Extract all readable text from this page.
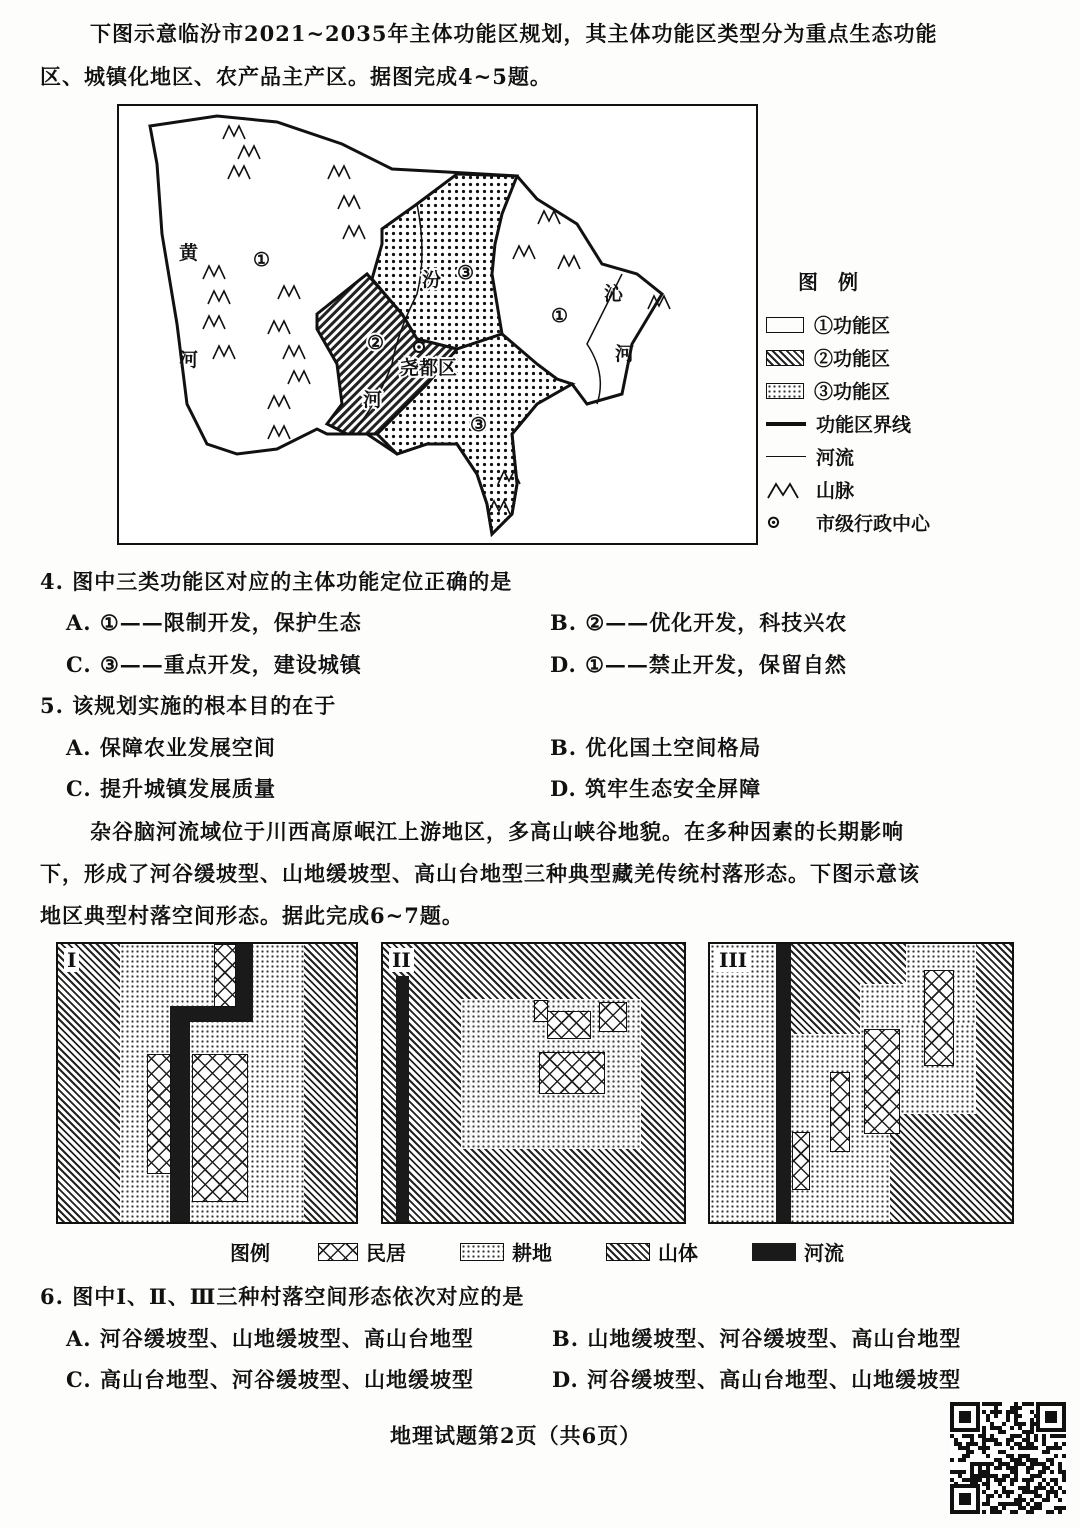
下图示意临汾市2021~2035年主体功能区规划，其主体功能区类型分为重点生态功能
区、城镇化地区、农产品主产区。据图完成4~5题。
黄
河
①
①
②
③
③
汾
河
沁
河
尧都区
图　例
①功能区
②功能区
③功能区
功能区界线
河流
山脉
⊙	市级行政中心
4. 图中三类功能区对应的主体功能定位正确的是
A. ①——限制开发，保护生态	B. ②——优化开发，科技兴农
C. ③——重点开发，建设城镇	D. ①——禁止开发，保留自然
5. 该规划实施的根本目的在于
A. 保障农业发展空间	B. 优化国土空间格局
C. 提升城镇发展质量	D. 筑牢生态安全屏障
杂谷脑河流域位于川西高原岷江上游地区，多高山峡谷地貌。在多种因素的长期影响
下，形成了河谷缓坡型、山地缓坡型、高山台地型三种典型藏羌传统村落形态。下图示意该
地区典型村落空间形态。据此完成6~7题。
I	II	III
图例	民居	耕地	山体	河流
6. 图中Ⅰ、Ⅱ、Ⅲ三种村落空间形态依次对应的是
A. 河谷缓坡型、山地缓坡型、高山台地型	B. 山地缓坡型、河谷缓坡型、高山台地型
C. 高山台地型、河谷缓坡型、山地缓坡型	D. 河谷缓坡型、高山台地型、山地缓坡型
地理试题第2页（共6页）
